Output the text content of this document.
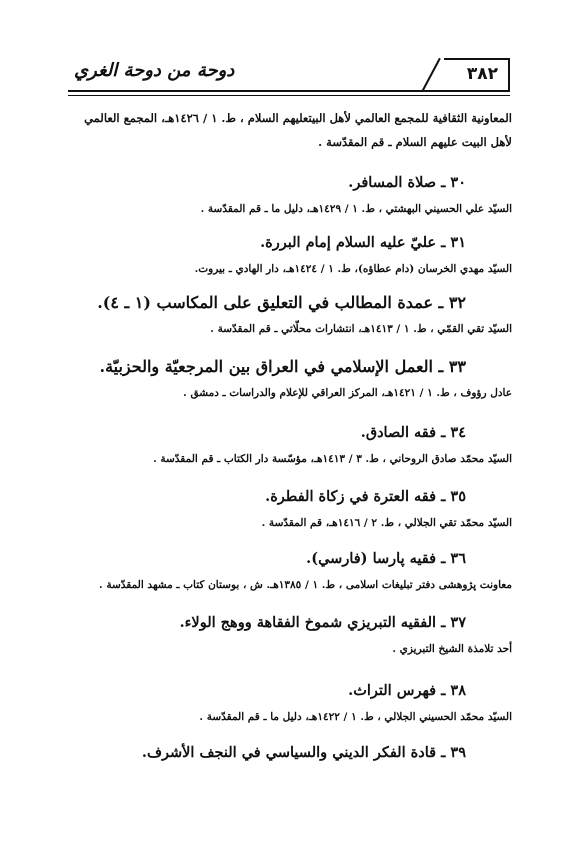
٣٨٢
دوحة من دوحة الغري

المعاونية الثقافية للمجمع العالمي لأهل البيتعليهم السلام ، ط. ١ / ١٤٢٦هـ، المجمع العالمي لأهل البيت عليهم السلام ـ قم المقدّسة .

٣٠ ـ صلاة المسافر.

السيّد علي الحسيني البهشتي ، ط. ١ / ١٤٢٩هـ، دليل ما ـ قم المقدّسة .

٣١ ـ عليّ عليه السلام إمام البررة.

السيّد مهدي الخرسان (دام عطاؤه)، ط. ١ / ١٤٢٤هـ، دار الهادي ـ بيروت.

٣٢ ـ عمدة المطالب في التعليق على المكاسب (١ ـ ٤).

السيّد تقي القمّي ، ط. ١ / ١٤١٣هـ، انتشارات محلّاتي ـ قم المقدّسة .

٣٣ ـ العمل الإسلامي في العراق بين المرجعيّة والحزبيّة.

عادل رؤوف ، ط. ١ / ١٤٢١هـ، المركز العراقي للإعلام والدراسات ـ دمشق .

٣٤ ـ فقه الصادق.

السيّد محمّد صادق الروحاني ، ط. ٣ / ١٤١٣هـ، مؤسّسة دار الكتاب ـ قم المقدّسة .

٣٥ ـ فقه العترة في زكاة الفطرة.

السيّد محمّد تقي الجلالي ، ط. ٢ / ١٤١٦هـ، قم المقدّسة .

٣٦ ـ فقيه پارسا (فارسي).

معاونت پژوهشی دفتر تبليغات اسلامى ، ط. ١ / ١٣٨٥هـ. ش ، بوستان كتاب ـ مشهد المقدّسة .

٣٧ ـ الفقيه التبريزي شموخ الفقاهة ووهج الولاء.

أحد تلامذة الشيخ التبريزي .

٣٨ ـ فهرس التراث.

السيّد محمّد الحسيني الجلالي ، ط. ١ / ١٤٢٢هـ، دليل ما ـ قم المقدّسة .

٣٩ ـ قادة الفكر الديني والسياسي في النجف الأشرف.
